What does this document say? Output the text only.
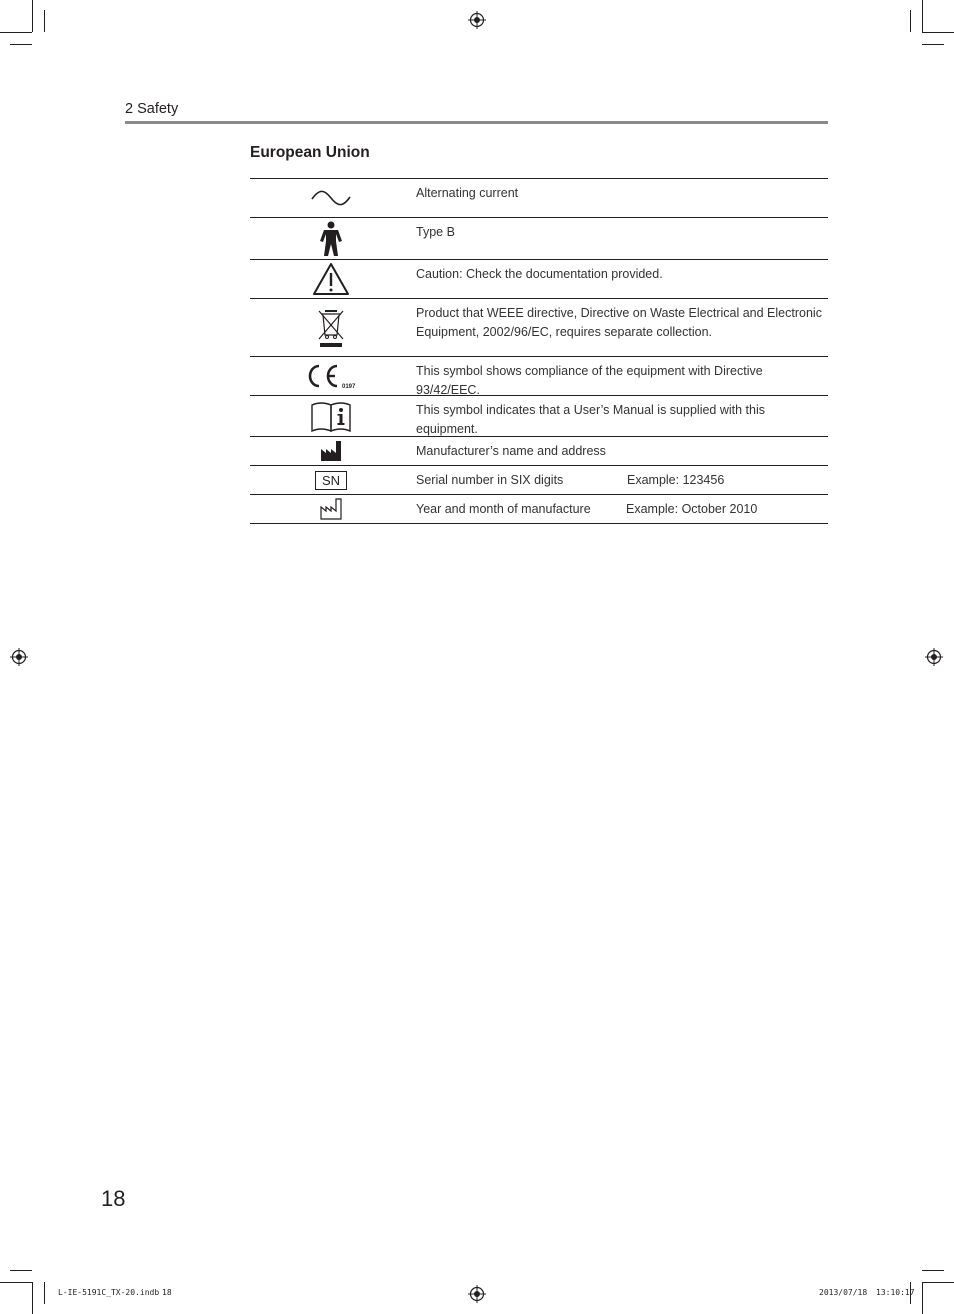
2 Safety
European Union
Alternating current
Type B
Caution: Check the documentation provided.
Product that WEEE directive, Directive on Waste Electrical and Electronic Equipment, 2002/96/EC, requires separate collection.
0197
This symbol shows compliance of the equipment with Directive 93/42/EEC.
This symbol indicates that a User’s Manual is supplied with this equipment.
Manufacturer’s name and address
SN	Serial number in SIX digits	Example: 123456
Year and month of manufacture	Example: October 2010
18
L-IE-5191C_TX-20.indb 18	2013/07/18 13:10:17
